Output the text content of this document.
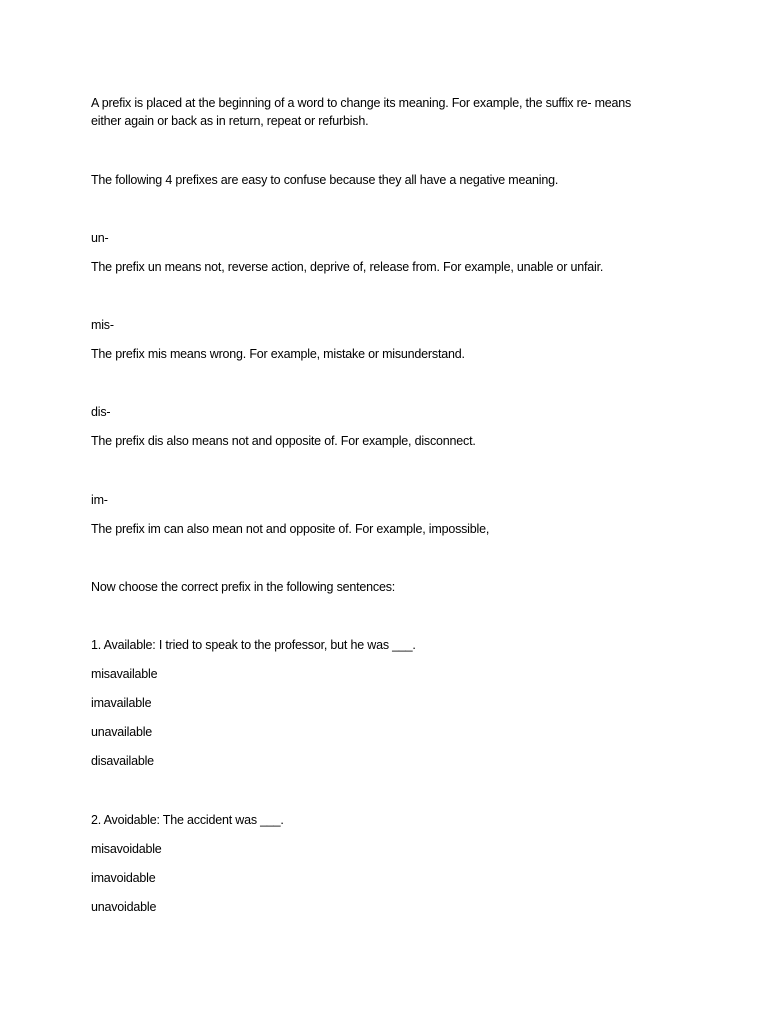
A prefix is placed at the beginning of a word to change its meaning. For example, the suffix re- means
either again or back as in return, repeat or refurbish.
The following 4 prefixes are easy to confuse because they all have a negative meaning.
un-
The prefix un means not, reverse action, deprive of, release from. For example, unable or unfair.
mis-
The prefix mis means wrong. For example, mistake or misunderstand.
dis-
The prefix dis also means not and opposite of. For example, disconnect.
im-
The prefix im can also mean not and opposite of. For example, impossible,
Now choose the correct prefix in the following sentences:
1. Available: I tried to speak to the professor, but he was ___.
misavailable
imavailable
unavailable
disavailable
2. Avoidable: The accident was ___.
misavoidable
imavoidable
unavoidable
